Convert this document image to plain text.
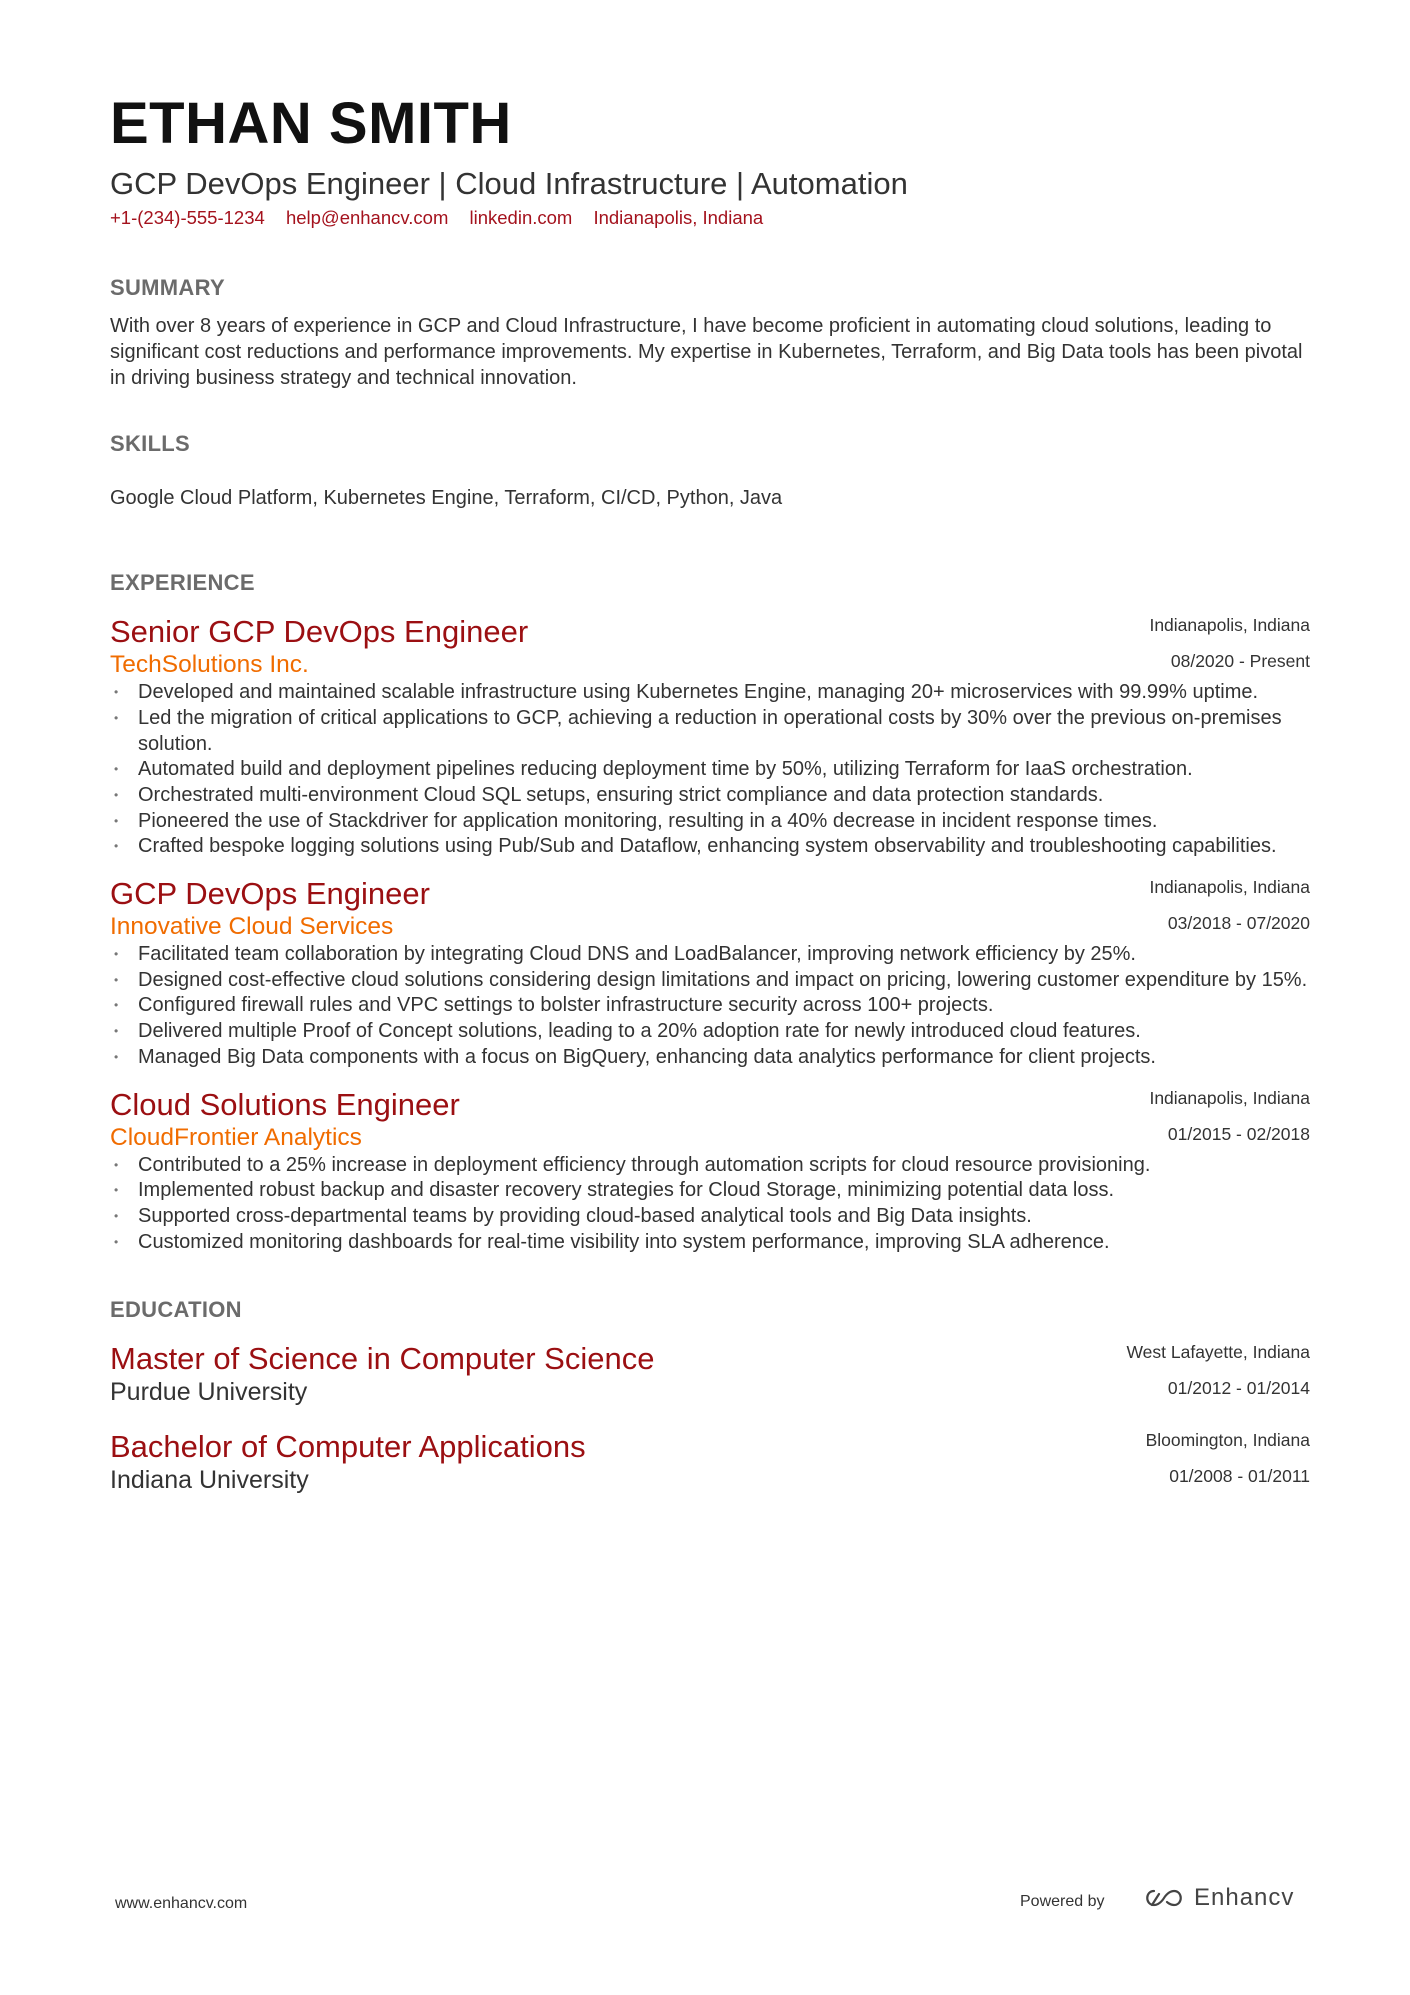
ETHAN SMITH
GCP DevOps Engineer | Cloud Infrastructure | Automation
+1-(234)-555-1234 help@enhancv.com linkedin.com Indianapolis, Indiana
SUMMARY
With over 8 years of experience in GCP and Cloud Infrastructure, I have become proficient in automating cloud solutions, leading to significant cost reductions and performance improvements. My expertise in Kubernetes, Terraform, and Big Data tools has been pivotal in driving business strategy and technical innovation.
SKILLS
Google Cloud Platform, Kubernetes Engine, Terraform, CI/CD, Python, Java
EXPERIENCE
Senior GCP DevOps Engineer
TechSolutions Inc.
Indianapolis, Indiana
08/2020 - Present
• Developed and maintained scalable infrastructure using Kubernetes Engine, managing 20+ microservices with 99.99% uptime.
• Led the migration of critical applications to GCP, achieving a reduction in operational costs by 30% over the previous on-premises solution.
• Automated build and deployment pipelines reducing deployment time by 50%, utilizing Terraform for IaaS orchestration.
• Orchestrated multi-environment Cloud SQL setups, ensuring strict compliance and data protection standards.
• Pioneered the use of Stackdriver for application monitoring, resulting in a 40% decrease in incident response times.
• Crafted bespoke logging solutions using Pub/Sub and Dataflow, enhancing system observability and troubleshooting capabilities.
GCP DevOps Engineer
Innovative Cloud Services
Indianapolis, Indiana
03/2018 - 07/2020
• Facilitated team collaboration by integrating Cloud DNS and LoadBalancer, improving network efficiency by 25%.
• Designed cost-effective cloud solutions considering design limitations and impact on pricing, lowering customer expenditure by 15%.
• Configured firewall rules and VPC settings to bolster infrastructure security across 100+ projects.
• Delivered multiple Proof of Concept solutions, leading to a 20% adoption rate for newly introduced cloud features.
• Managed Big Data components with a focus on BigQuery, enhancing data analytics performance for client projects.
Cloud Solutions Engineer
CloudFrontier Analytics
Indianapolis, Indiana
01/2015 - 02/2018
• Contributed to a 25% increase in deployment efficiency through automation scripts for cloud resource provisioning.
• Implemented robust backup and disaster recovery strategies for Cloud Storage, minimizing potential data loss.
• Supported cross-departmental teams by providing cloud-based analytical tools and Big Data insights.
• Customized monitoring dashboards for real-time visibility into system performance, improving SLA adherence.
EDUCATION
Master of Science in Computer Science
Purdue University
West Lafayette, Indiana
01/2012 - 01/2014
Bachelor of Computer Applications
Indiana University
Bloomington, Indiana
01/2008 - 01/2011
www.enhancv.com	Powered by	Enhancv
